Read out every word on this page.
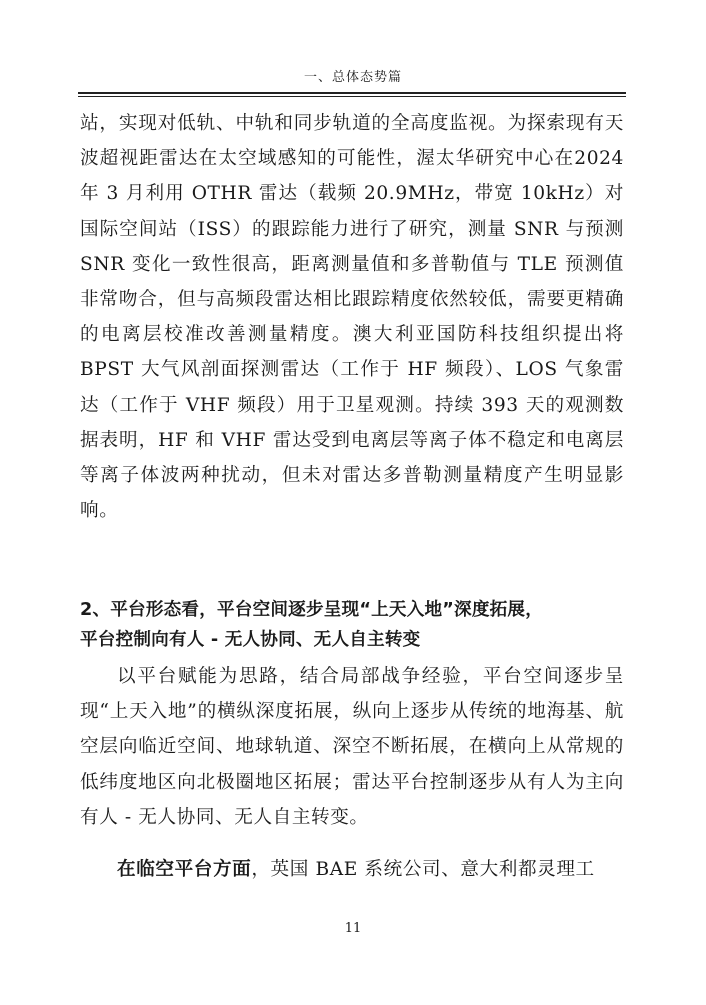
一、总体态势篇

站，实现对低轨、中轨和同步轨道的全高度监视。为探索现有天波超视距雷达在太空域感知的可能性，渥太华研究中心在2024 年 3 月利用 OTHR 雷达（载频 20.9MHz，带宽 10kHz）对国际空间站（ISS）的跟踪能力进行了研究，测量 SNR 与预测SNR 变化一致性很高，距离测量值和多普勒值与 TLE 预测值非常吻合，但与高频段雷达相比跟踪精度依然较低，需要更精确的电离层校准改善测量精度。澳大利亚国防科技组织提出将BPST 大气风剖面探测雷达（工作于 HF 频段）、LOS 气象雷达（工作于 VHF 频段）用于卫星观测。持续 393 天的观测数据表明，HF 和 VHF 雷达受到电离层等离子体不稳定和电离层等离子体波两种扰动，但未对雷达多普勒测量精度产生明显影响。

2、平台形态看，平台空间逐步呈现“上天入地”深度拓展，
平台控制向有人 - 无人协同、无人自主转变

以平台赋能为思路，结合局部战争经验，平台空间逐步呈现“上天入地”的横纵深度拓展，纵向上逐步从传统的地海基、航空层向临近空间、地球轨道、深空不断拓展，在横向上从常规的低纬度地区向北极圈地区拓展；雷达平台控制逐步从有人为主向有人 - 无人协同、无人自主转变。

在临空平台方面，英国 BAE 系统公司、意大利都灵理工

11
